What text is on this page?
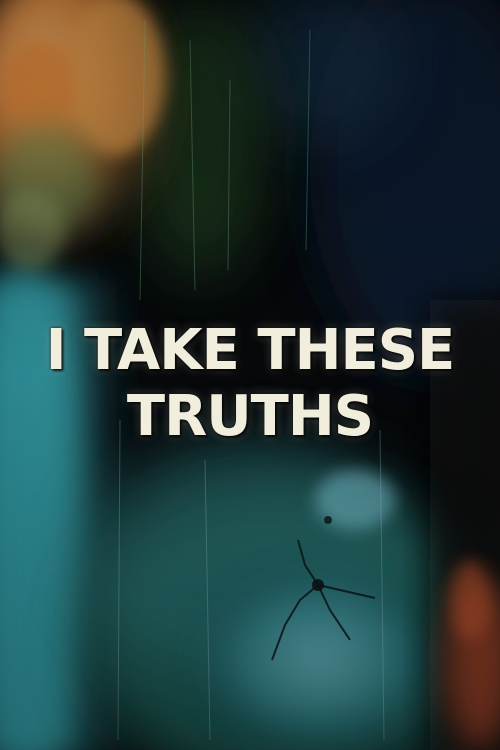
I TAKE THESE
TRUTHS
